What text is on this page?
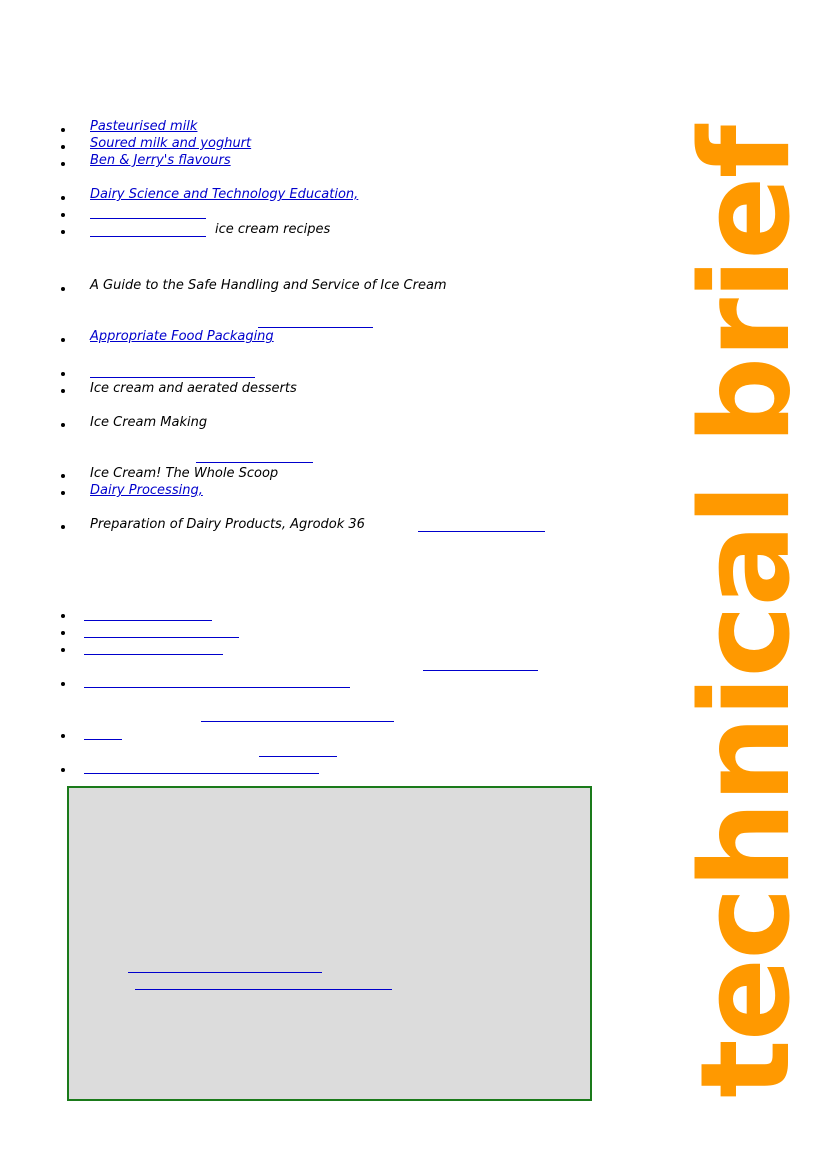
Pasteurised milk
Soured milk and yoghurt
Ben & Jerry's flavours
Dairy Science and Technology Education,
ice cream recipes
A Guide to the Safe Handling and Service of Ice Cream
Appropriate Food Packaging
Ice cream and aerated desserts
Ice Cream Making
Ice Cream! The Whole Scoop
Dairy Processing,
Preparation of Dairy Products, Agrodok 36	technical brief
